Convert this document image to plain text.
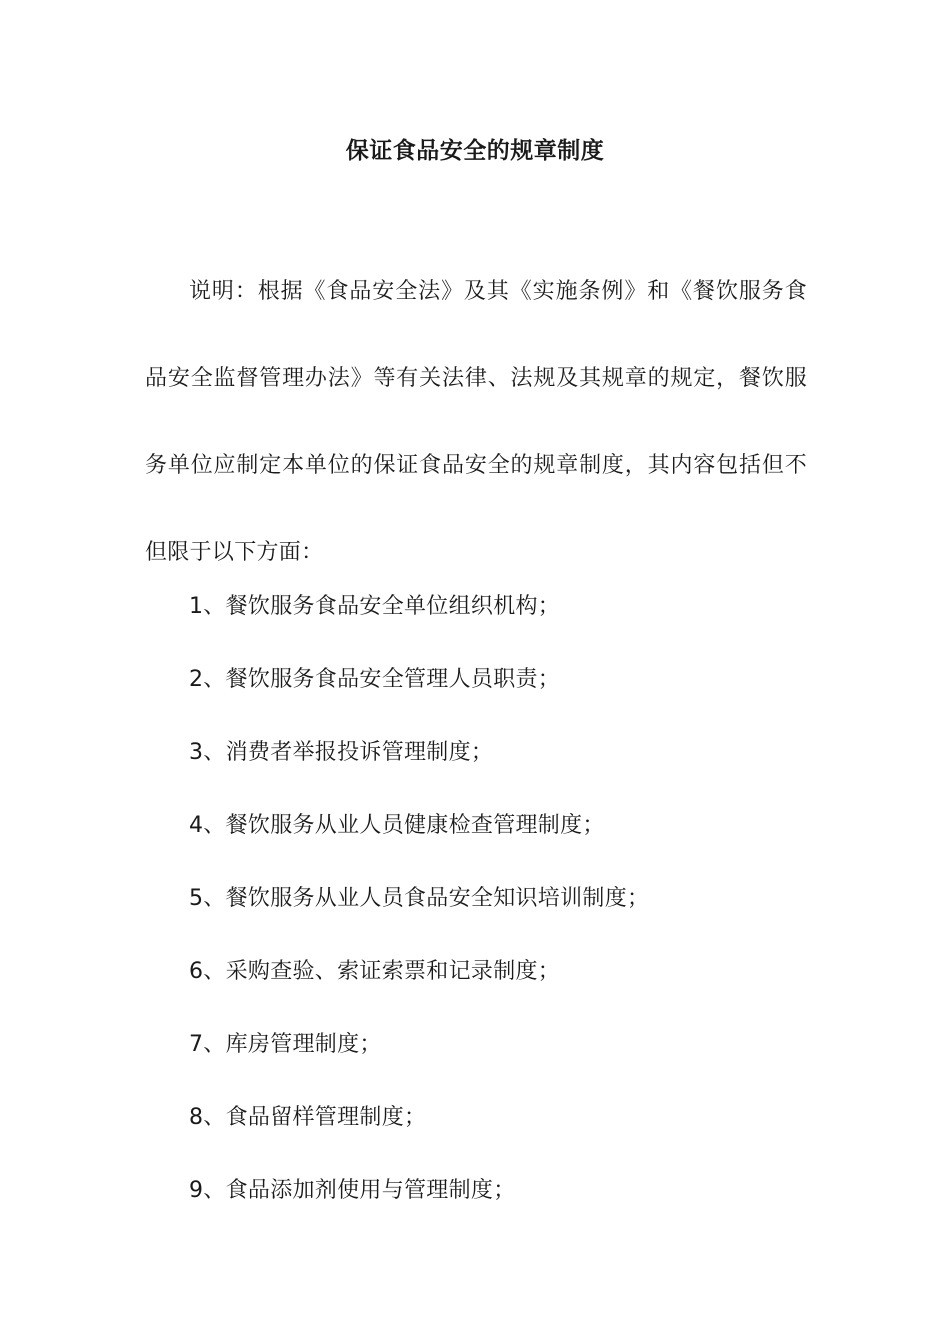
保证食品安全的规章制度

说明：根据《食品安全法》及其《实施条例》和《餐饮服务食品安全监督管理办法》等有关法律、法规及其规章的规定，餐饮服务单位应制定本单位的保证食品安全的规章制度，其内容包括但不但限于以下方面：

1、餐饮服务食品安全单位组织机构；
2、餐饮服务食品安全管理人员职责；
3、消费者举报投诉管理制度；
4、餐饮服务从业人员健康检查管理制度；
5、餐饮服务从业人员食品安全知识培训制度；
6、采购查验、索证索票和记录制度；
7、库房管理制度；
8、食品留样管理制度；
9、食品添加剂使用与管理制度；
